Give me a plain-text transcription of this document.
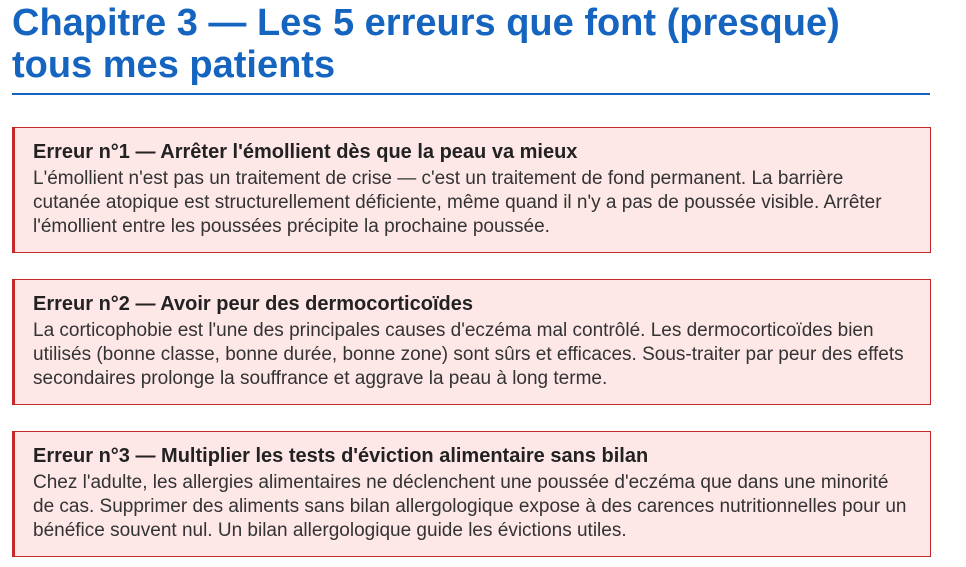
Chapitre 3 — Les 5 erreurs que font (presque)
tous mes patients
Erreur n°1 — Arrêter l'émollient dès que la peau va mieux

L'émollient n'est pas un traitement de crise — c'est un traitement de fond permanent. La barrière
cutanée atopique est structurellement déficiente, même quand il n'y a pas de poussée visible. Arrêter
l'émollient entre les poussées précipite la prochaine poussée.

Erreur n°2 — Avoir peur des dermocorticoïdes

La corticophobie est l'une des principales causes d'eczéma mal contrôlé. Les dermocorticoïdes bien
utilisés (bonne classe, bonne durée, bonne zone) sont sûrs et efficaces. Sous-traiter par peur des effets
secondaires prolonge la souffrance et aggrave la peau à long terme.

Erreur n°3 — Multiplier les tests d'éviction alimentaire sans bilan

Chez l'adulte, les allergies alimentaires ne déclenchent une poussée d'eczéma que dans une minorité
de cas. Supprimer des aliments sans bilan allergologique expose à des carences nutritionnelles pour un
bénéfice souvent nul. Un bilan allergologique guide les évictions utiles.
